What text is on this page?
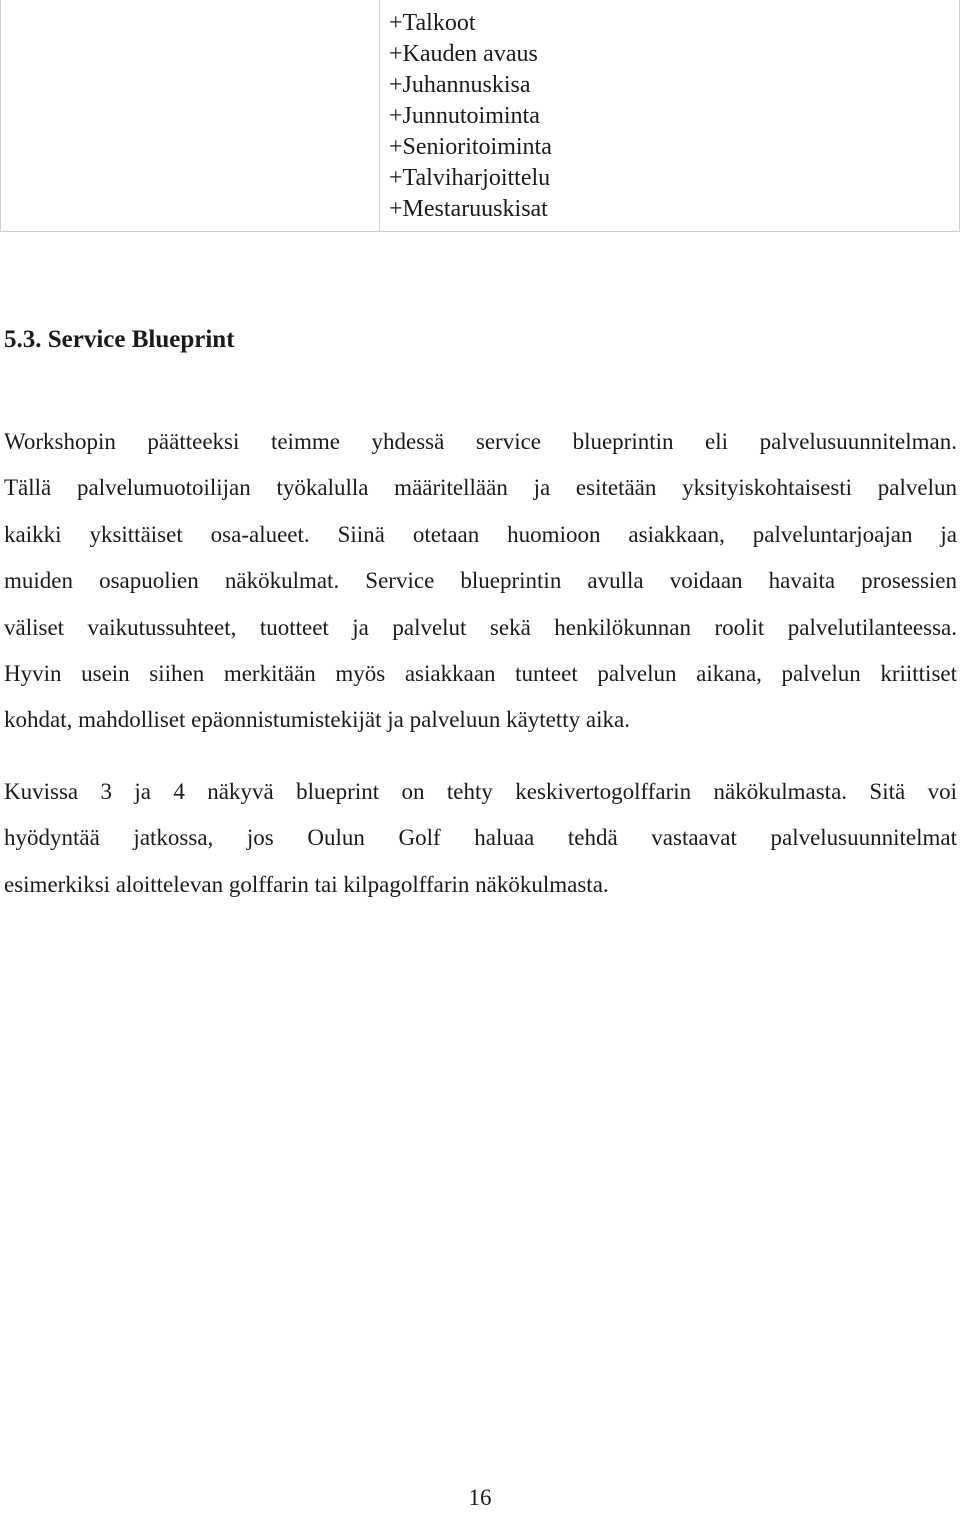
+Talkoot
+Kauden avaus
+Juhannuskisa
+Junnutoiminta
+Senioritoiminta
+Talviharjoittelu
+Mestaruuskisat
5.3. Service Blueprint

Workshopin päätteeksi teimme yhdessä service blueprintin eli palvelusuunnitelman.
Tällä palvelumuotoilijan työkalulla määritellään ja esitetään yksityiskohtaisesti palvelun
kaikki yksittäiset osa-alueet. Siinä otetaan huomioon asiakkaan, palveluntarjoajan ja
muiden osapuolien näkökulmat. Service blueprintin avulla voidaan havaita prosessien
väliset vaikutussuhteet, tuotteet ja palvelut sekä henkilökunnan roolit palvelutilanteessa.
Hyvin usein siihen merkitään myös asiakkaan tunteet palvelun aikana, palvelun kriittiset
kohdat, mahdolliset epäonnistumistekijät ja palveluun käytetty aika.

Kuvissa 3 ja 4 näkyvä blueprint on tehty keskivertogolffarin näkökulmasta. Sitä voi
hyödyntää jatkossa, jos Oulun Golf haluaa tehdä vastaavat palvelusuunnitelmat
esimerkiksi aloittelevan golffarin tai kilpagolffarin näkökulmasta.

16
